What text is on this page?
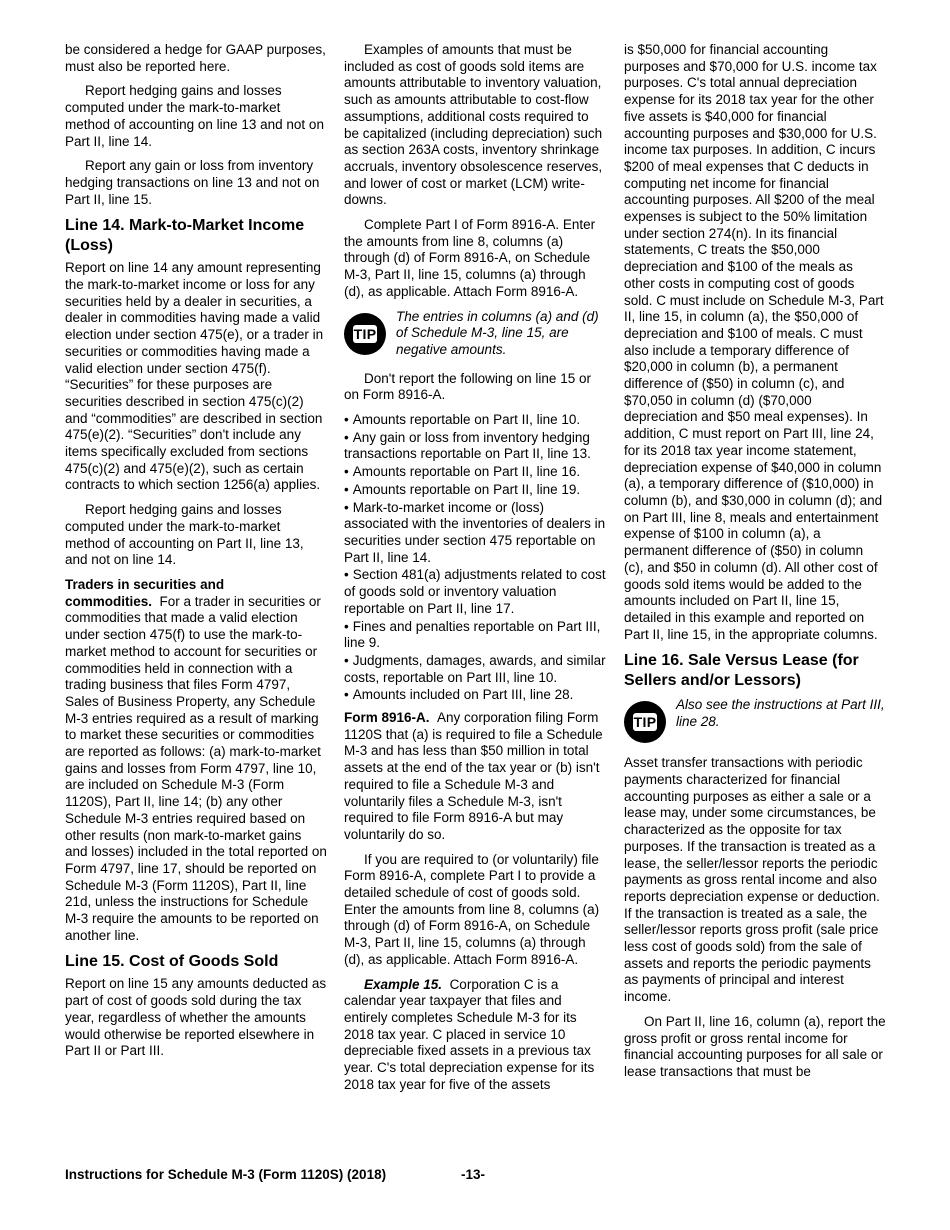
be considered a hedge for GAAP purposes, must also be reported here.

Report hedging gains and losses computed under the mark-to-market method of accounting on line 13 and not on Part II, line 14.

Report any gain or loss from inventory hedging transactions on line 13 and not on Part II, line 15.

Line 14. Mark-to-Market Income (Loss)

Report on line 14 any amount representing the mark-to-market income or loss for any securities held by a dealer in securities, a dealer in commodities having made a valid election under section 475(e), or a trader in securities or commodities having made a valid election under section 475(f). “Securities” for these purposes are securities described in section 475(c)(2) and “commodities” are described in section 475(e)(2). “Securities” don't include any items specifically excluded from sections 475(c)(2) and 475(e)(2), such as certain contracts to which section 1256(a) applies.

Report hedging gains and losses computed under the mark-to-market method of accounting on Part II, line 13, and not on line 14.

Traders in securities and commodities. For a trader in securities or commodities that made a valid election under section 475(f) to use the mark-to-market method to account for securities or commodities held in connection with a trading business that files Form 4797, Sales of Business Property, any Schedule M-3 entries required as a result of marking to market these securities or commodities are reported as follows: (a) mark-to-market gains and losses from Form 4797, line 10, are included on Schedule M-3 (Form 1120S), Part II, line 14; (b) any other Schedule M-3 entries required based on other results (non mark-to-market gains and losses) included in the total reported on Form 4797, line 17, should be reported on Schedule M-3 (Form 1120S), Part II, line 21d, unless the instructions for Schedule M-3 require the amounts to be reported on another line.

Line 15. Cost of Goods Sold

Report on line 15 any amounts deducted as part of cost of goods sold during the tax year, regardless of whether the amounts would otherwise be reported elsewhere in Part II or Part III.

Examples of amounts that must be included as cost of goods sold items are amounts attributable to inventory valuation, such as amounts attributable to cost-flow assumptions, additional costs required to be capitalized (including depreciation) such as section 263A costs, inventory shrinkage accruals, inventory obsolescence reserves, and lower of cost or market (LCM) write-downs.

Complete Part I of Form 8916-A. Enter the amounts from line 8, columns (a) through (d) of Form 8916-A, on Schedule M-3, Part II, line 15, columns (a) through (d), as applicable. Attach Form 8916-A.

TIP
The entries in columns (a) and (d) of Schedule M-3, line 15, are negative amounts.

Don't report the following on line 15 or on Form 8916-A.

• Amounts reportable on Part II, line 10.
• Any gain or loss from inventory hedging transactions reportable on Part II, line 13.
• Amounts reportable on Part II, line 16.
• Amounts reportable on Part II, line 19.
• Mark-to-market income or (loss) associated with the inventories of dealers in securities under section 475 reportable on Part II, line 14.
• Section 481(a) adjustments related to cost of goods sold or inventory valuation reportable on Part II, line 17.
• Fines and penalties reportable on Part III, line 9.
• Judgments, damages, awards, and similar costs, reportable on Part III, line 10.
• Amounts included on Part III, line 28.

Form 8916-A. Any corporation filing Form 1120S that (a) is required to file a Schedule M-3 and has less than $50 million in total assets at the end of the tax year or (b) isn't required to file a Schedule M-3 and voluntarily files a Schedule M-3, isn't required to file Form 8916-A but may voluntarily do so.

If you are required to (or voluntarily) file Form 8916-A, complete Part I to provide a detailed schedule of cost of goods sold. Enter the amounts from line 8, columns (a) through (d) of Form 8916-A, on Schedule M-3, Part II, line 15, columns (a) through (d), as applicable. Attach Form 8916-A.

Example 15. Corporation C is a calendar year taxpayer that files and entirely completes Schedule M-3 for its 2018 tax year. C placed in service 10 depreciable fixed assets in a previous tax year. C's total depreciation expense for its 2018 tax year for five of the assets

is $50,000 for financial accounting purposes and $70,000 for U.S. income tax purposes. C's total annual depreciation expense for its 2018 tax year for the other five assets is $40,000 for financial accounting purposes and $30,000 for U.S. income tax purposes. In addition, C incurs $200 of meal expenses that C deducts in computing net income for financial accounting purposes. All $200 of the meal expenses is subject to the 50% limitation under section 274(n). In its financial statements, C treats the $50,000 depreciation and $100 of the meals as other costs in computing cost of goods sold. C must include on Schedule M-3, Part II, line 15, in column (a), the $50,000 of depreciation and $100 of meals. C must also include a temporary difference of $20,000 in column (b), a permanent difference of ($50) in column (c), and $70,050 in column (d) ($70,000 depreciation and $50 meal expenses). In addition, C must report on Part III, line 24, for its 2018 tax year income statement, depreciation expense of $40,000 in column (a), a temporary difference of ($10,000) in column (b), and $30,000 in column (d); and on Part III, line 8, meals and entertainment expense of $100 in column (a), a permanent difference of ($50) in column (c), and $50 in column (d). All other cost of goods sold items would be added to the amounts included on Part II, line 15, detailed in this example and reported on Part II, line 15, in the appropriate columns.

Line 16. Sale Versus Lease (for Sellers and/or Lessors)
TIP
Also see the instructions at Part III, line 28.

Asset transfer transactions with periodic payments characterized for financial accounting purposes as either a sale or a lease may, under some circumstances, be characterized as the opposite for tax purposes. If the transaction is treated as a lease, the seller/lessor reports the periodic payments as gross rental income and also reports depreciation expense or deduction. If the transaction is treated as a sale, the seller/lessor reports gross profit (sale price less cost of goods sold) from the sale of assets and reports the periodic payments as payments of principal and interest income.

On Part II, line 16, column (a), report the gross profit or gross rental income for financial accounting purposes for all sale or lease transactions that must be

Instructions for Schedule M-3 (Form 1120S) (2018)	-13-
